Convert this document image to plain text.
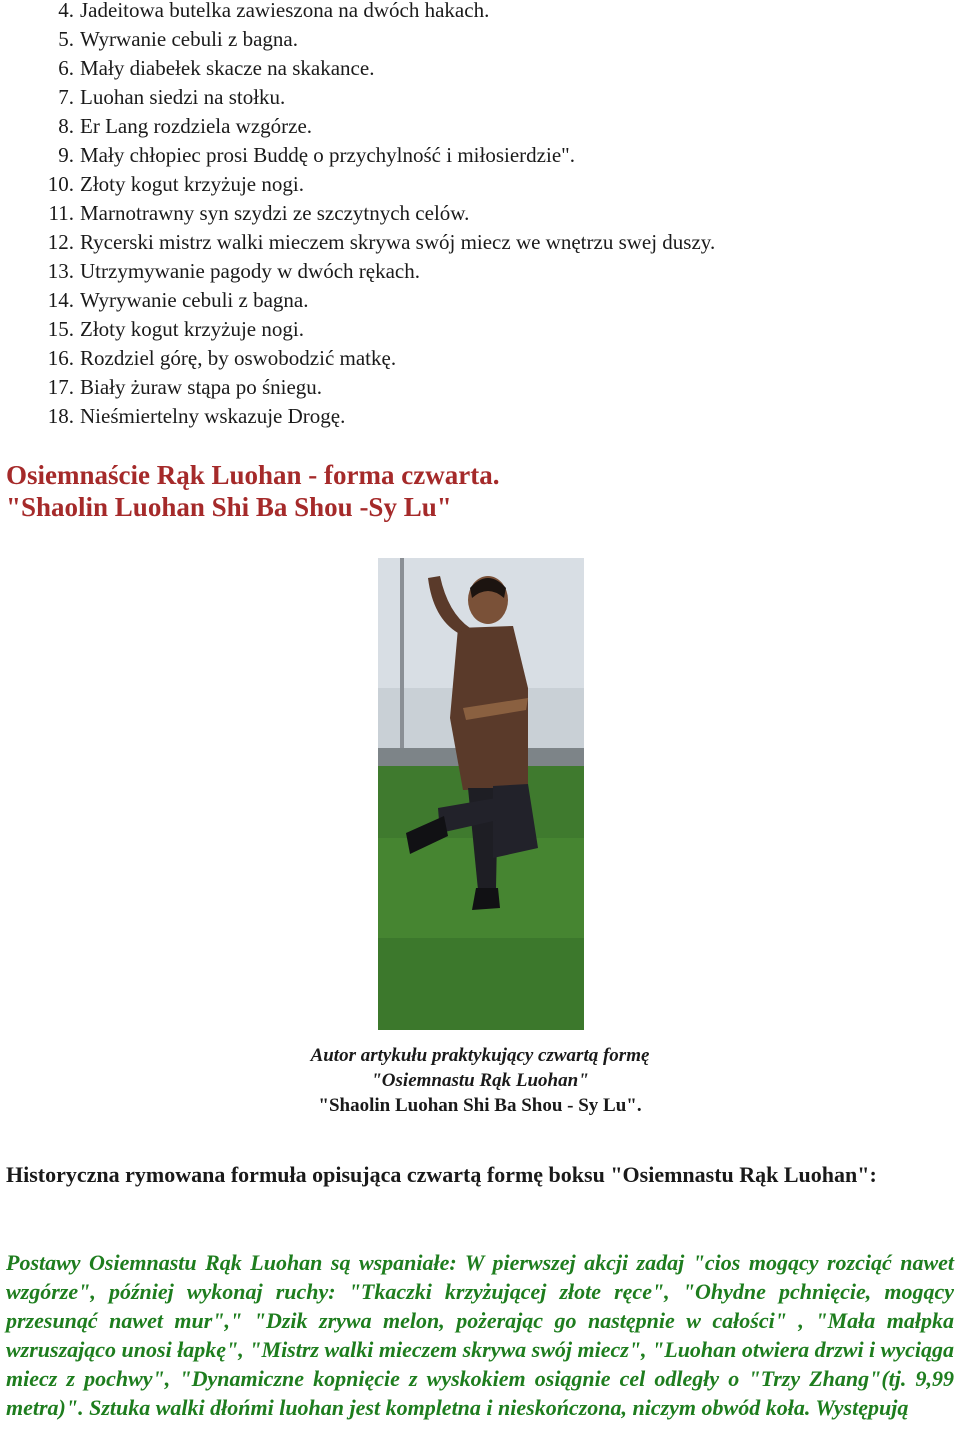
4. Jadeitowa butelka zawieszona na dwóch hakach.
5. Wyrwanie cebuli z bagna.
6. Mały diabełek skacze na skakance.
7. Luohan siedzi na stołku.
8. Er Lang rozdziela wzgórze.
9. Mały chłopiec prosi Buddę o przychylność i miłosierdzie".
10. Złoty kogut krzyżuje nogi.
11. Marnotrawny syn szydzi ze szczytnych celów.
12. Rycerski mistrz walki mieczem skrywa swój miecz we wnętrzu swej duszy.
13. Utrzymywanie pagody w dwóch rękach.
14. Wyrywanie cebuli z bagna.
15. Złoty kogut krzyżuje nogi.
16. Rozdziel górę, by oswobodzić matkę.
17. Biały żuraw stąpa po śniegu.
18. Nieśmiertelny wskazuje Drogę.
Osiemnaście Rąk Luohan - forma czwarta.
"Shaolin Luohan Shi Ba Shou -Sy Lu"
Autor artykułu praktykujący czwartą formę
"Osiemnastu Rąk Luohan"
"Shaolin Luohan Shi Ba Shou - Sy Lu".

Historyczna rymowana formuła opisująca czwartą formę boksu "Osiemnastu Rąk Luohan":

Postawy Osiemnastu Rąk Luohan są wspaniałe: W pierwszej akcji zadaj "cios mogący rozciąć nawet wzgórze", później wykonaj ruchy: "Tkaczki krzyżującej złote ręce", "Ohydne pchnięcie, mogący przesunąć nawet mur"," "Dzik zrywa melon, pożerając go następnie w całości" , "Mała małpka wzruszająco unosi łapkę", "Mistrz walki mieczem skrywa swój miecz", "Luohan otwiera drzwi i wyciąga miecz z pochwy", "Dynamiczne kopnięcie z wyskokiem osiągnie cel odległy o "Trzy Zhang"(tj. 9,99 metra)". Sztuka walki dłońmi luohan jest kompletna i nieskończona, niczym obwód koła. Występują
